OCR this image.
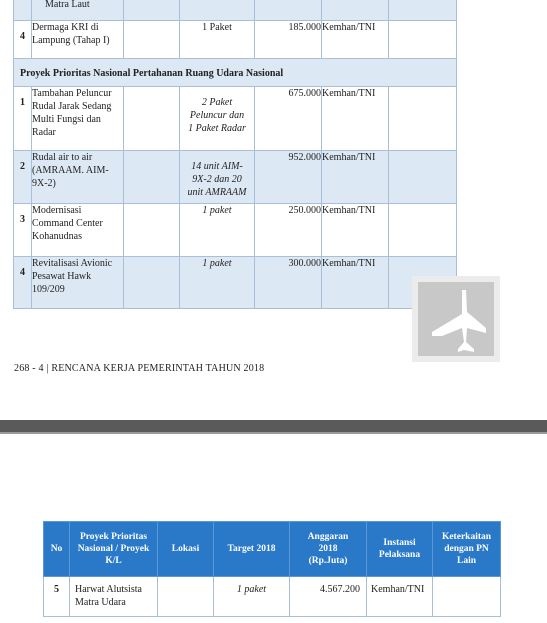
	Matra Laut					
4	Dermaga KRI di Lampung (Tahap I)		1 Paket	185.000	Kemhan/TNI	
Proyek Prioritas Nasional Pertahanan Ruang Udara Nasional						
1	Tambahan Peluncur Rudal Jarak Sedang Multi Fungsi dan Radar		2 Paket Peluncur dan 1 Paket Radar	675.000	Kemhan/TNI	
2	Rudal air to air (AMRAAM. AIM-9X-2)		14 unit AIM-9X-2 dan 20 unit AMRAAM	952.000	Kemhan/TNI	
3	Modernisasi Command Center Kohanudnas		1 paket	250.000	Kemhan/TNI	
4	Revitalisasi Avionic Pesawat Hawk 109/209		1 paket	300.000	Kemhan/TNI	
268 - 4 | RENCANA KERJA PEMERINTAH TAHUN 2018
No	Proyek Prioritas Nasional / Proyek K/L	Lokasi	Target 2018	Anggaran 2018 (Rp.Juta)	Instansi Pelaksana	Keterkaitan dengan PN Lain
5	Harwat Alutsista Matra Udara		1 paket	4.567.200	Kemhan/TNI	
